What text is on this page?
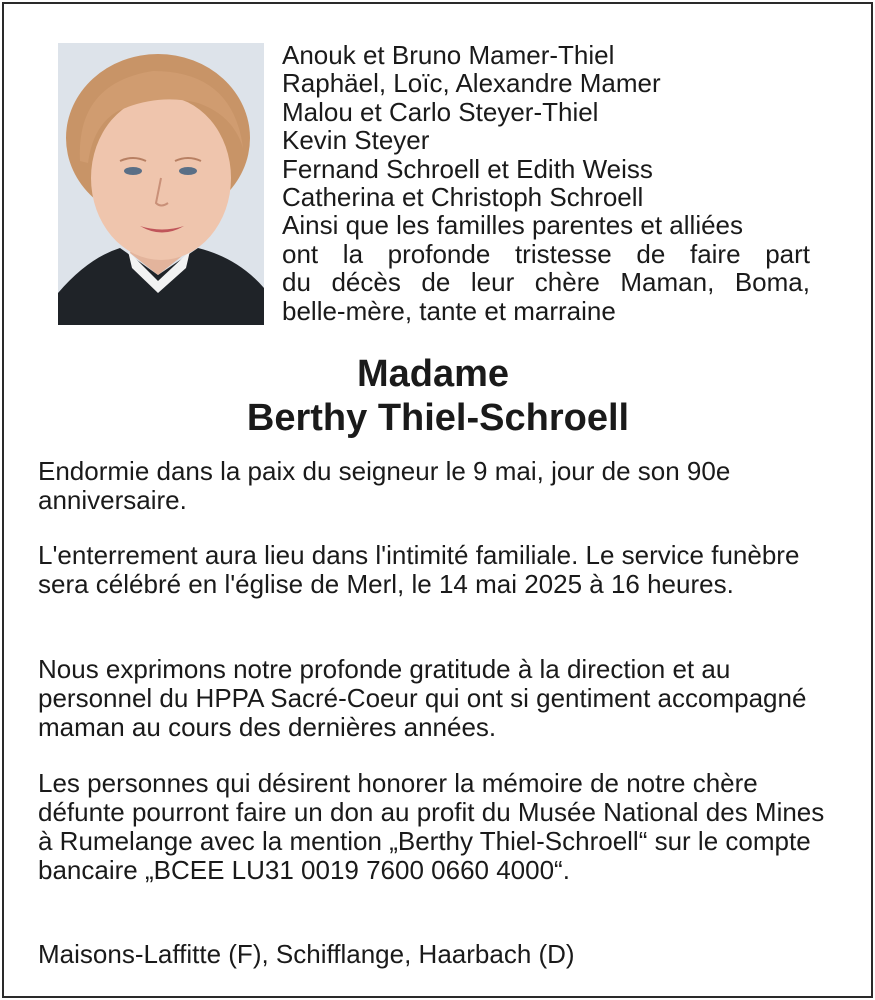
Anouk et Bruno Mamer-Thiel
Raphäel, Loïc, Alexandre Mamer
Malou et Carlo Steyer-Thiel
Kevin Steyer
Fernand Schroell et Edith Weiss
Catherina et Christoph Schroell
Ainsi que les familles parentes et alliées
ont la profonde tristesse de faire part
du décès de leur chère Maman, Boma,
belle-mère, tante et marraine
Madame
Berthy Thiel-Schroell
Endormie dans la paix du seigneur le 9 mai, jour de son 90e anniversaire.
L'enterrement aura lieu dans l'intimité familiale. Le service funèbre sera célébré en l'église de Merl, le 14 mai 2025 à 16 heures.
Nous exprimons notre profonde gratitude à la direction et au personnel du HPPA Sacré-Coeur qui ont si gentiment accompagné maman au cours des dernières années.
Les personnes qui désirent honorer la mémoire de notre chère défunte pourront faire un don au profit du Musée National des Mines à Rumelange avec la mention „Berthy Thiel-Schroell“ sur le compte bancaire „BCEE LU31 0019 7600 0660 4000“.
Maisons-Laffitte (F), Schifflange, Haarbach (D)
